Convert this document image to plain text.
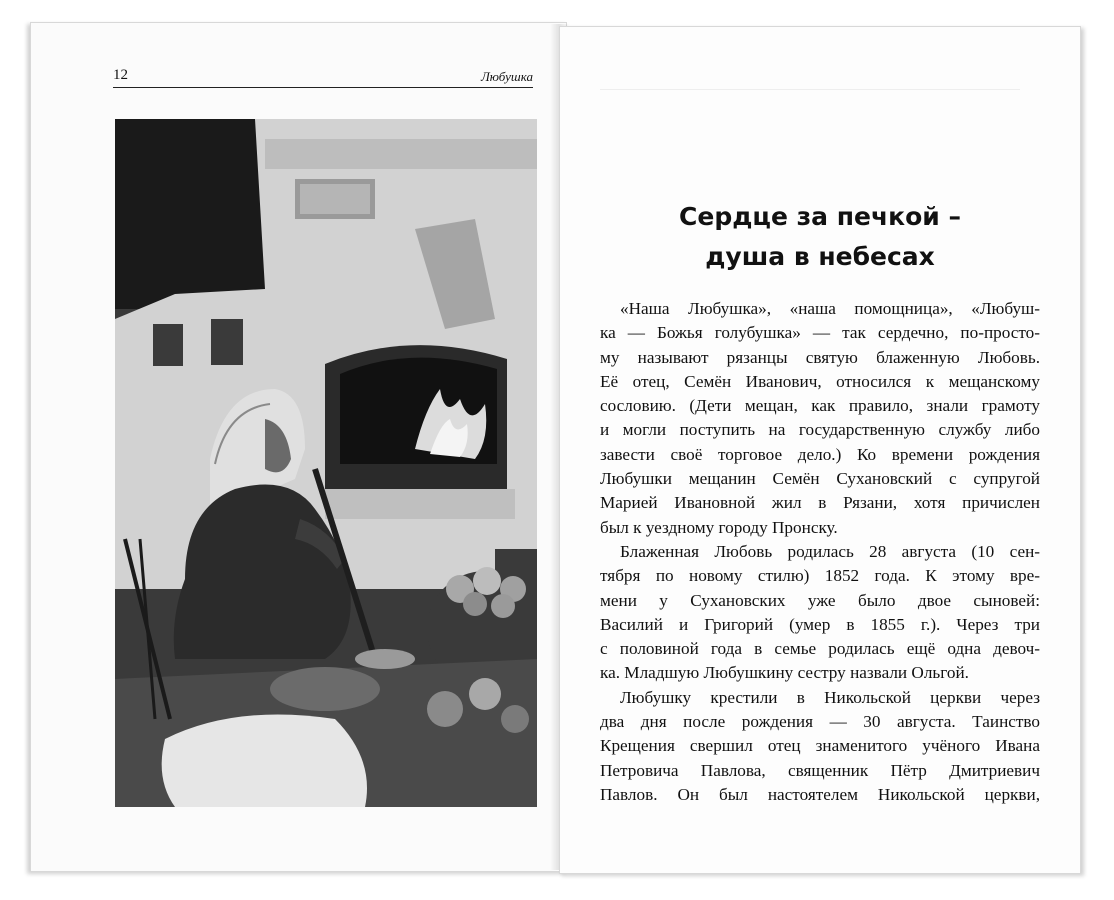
12	Любушка
Сердце за печкой –
душа в небесах
«Наша Любушка», «наша помощница», «Любуш-
ка — Божья голубушка» — так сердечно, по-просто-
му называют рязанцы святую блаженную Любовь.
Её отец, Семён Иванович, относился к мещанскому
сословию. (Дети мещан, как правило, знали грамоту
и могли поступить на государственную службу либо
завести своё торговое дело.) Ко времени рождения
Любушки мещанин Семён Сухановский с супругой
Марией Ивановной жил в Рязани, хотя причислен
был к уездному городу Пронску.
Блаженная Любовь родилась 28 августа (10 сен-
тября по новому стилю) 1852 года. К этому вре-
мени у Сухановских уже было двое сыновей:
Василий и Григорий (умер в 1855 г.). Через три
с половиной года в семье родилась ещё одна девоч-
ка. Младшую Любушкину сестру назвали Ольгой.
Любушку крестили в Никольской церкви через
два дня после рождения — 30 августа. Таинство
Крещения свершил отец знаменитого учёного Ивана
Петровича Павлова, священник Пётр Дмитриевич
Павлов. Он был настоятелем Никольской церкви,
